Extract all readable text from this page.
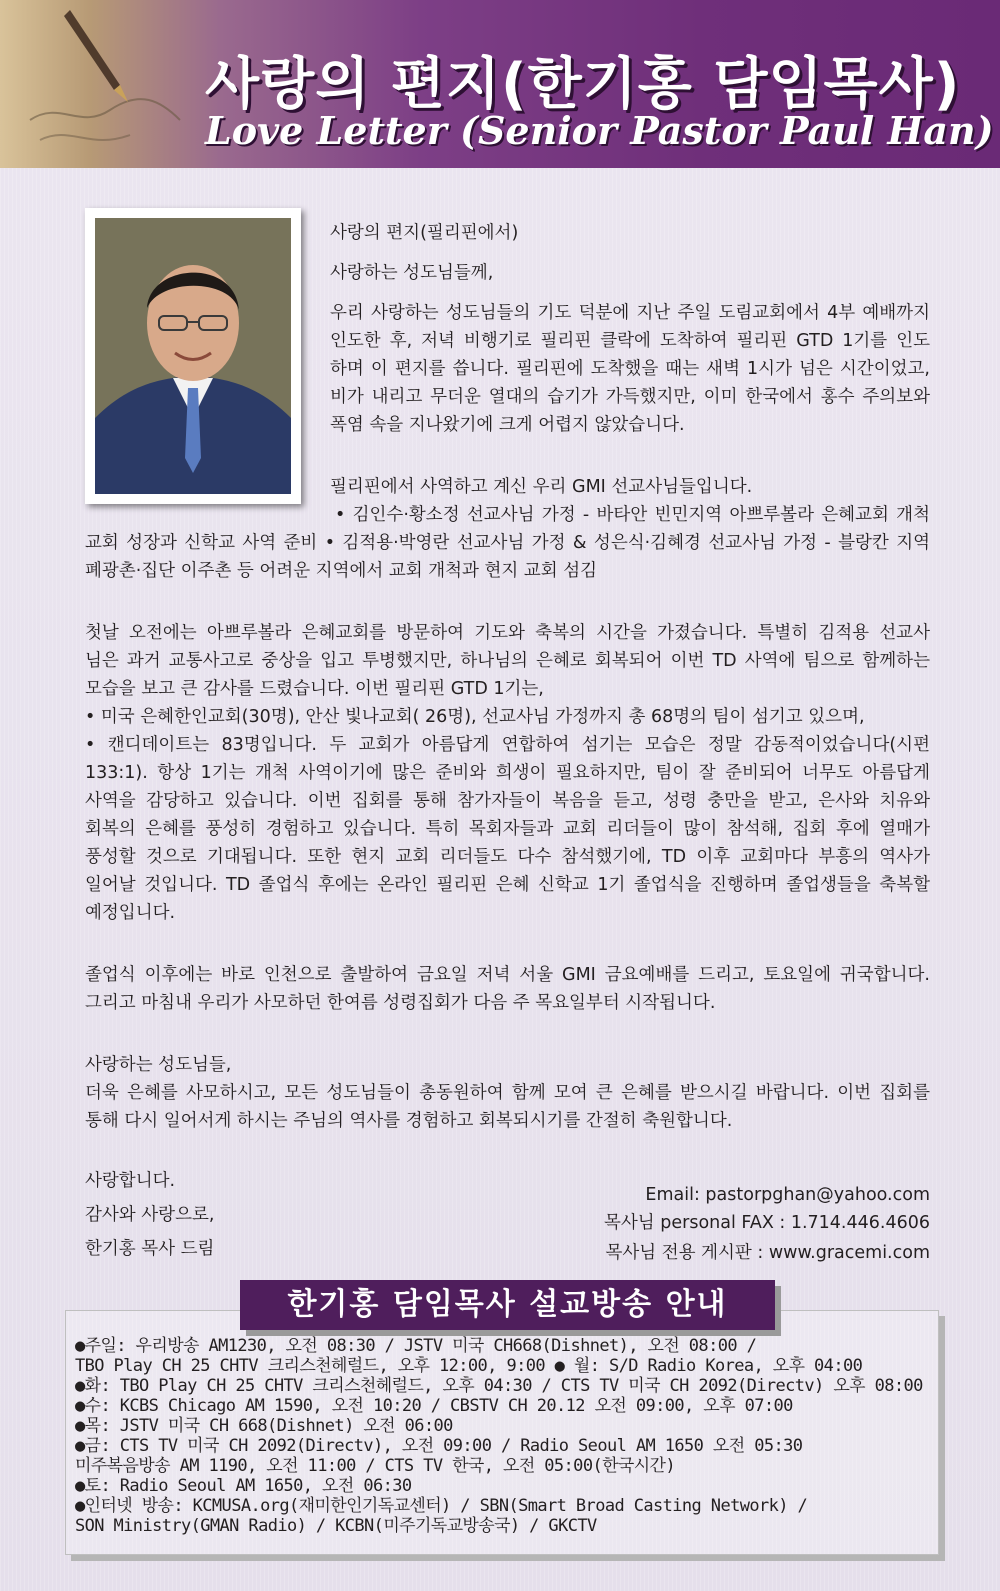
사랑의 편지(한기홍 담임목사)
Love Letter (Senior Pastor Paul Han)
사랑의 편지(필리핀에서)
사랑하는 성도님들께,
우리 사랑하는 성도님들의 기도 덕분에 지난 주일 도림교회에서 4부 예배까지
인도한 후, 저녁 비행기로 필리핀 클락에 도착하여 필리핀 GTD 1기를 인도
하며 이 편지를 씁니다. 필리핀에 도착했을 때는 새벽 1시가 넘은 시간이었고,
비가 내리고 무더운 열대의 습기가 가득했지만, 이미 한국에서 홍수 주의보와
폭염 속을 지나왔기에 크게 어렵지 않았습니다.
필리핀에서 사역하고 계신 우리 GMI 선교사님들입니다.
• 김인수·황소정 선교사님 가정 - 바타안 빈민지역 아쁘루볼라 은혜교회 개척
교회 성장과 신학교 사역 준비 • 김적용·박영란 선교사님 가정 & 성은식·김혜경 선교사님 가정 - 블랑칸 지역
폐광촌·집단 이주촌 등 어려운 지역에서 교회 개척과 현지 교회 섬김
첫날 오전에는 아쁘루볼라 은혜교회를 방문하여 기도와 축복의 시간을 가졌습니다. 특별히 김적용 선교사
님은 과거 교통사고로 중상을 입고 투병했지만, 하나님의 은혜로 회복되어 이번 TD 사역에 팀으로 함께하는
모습을 보고 큰 감사를 드렸습니다. 이번 필리핀 GTD 1기는,
• 미국 은혜한인교회(30명), 안산 빛나교회( 26명), 선교사님 가정까지 총 68명의 팀이 섬기고 있으며,
• 캔디데이트는 83명입니다. 두 교회가 아름답게 연합하여 섬기는 모습은 정말 감동적이었습니다(시편
133:1). 항상 1기는 개척 사역이기에 많은 준비와 희생이 필요하지만, 팀이 잘 준비되어 너무도 아름답게
사역을 감당하고 있습니다. 이번 집회를 통해 참가자들이 복음을 듣고, 성령 충만을 받고, 은사와 치유와
회복의 은혜를 풍성히 경험하고 있습니다. 특히 목회자들과 교회 리더들이 많이 참석해, 집회 후에 열매가
풍성할 것으로 기대됩니다. 또한 현지 교회 리더들도 다수 참석했기에, TD 이후 교회마다 부흥의 역사가
일어날 것입니다. TD 졸업식 후에는 온라인 필리핀 은혜 신학교 1기 졸업식을 진행하며 졸업생들을 축복할
예정입니다.
졸업식 이후에는 바로 인천으로 출발하여 금요일 저녁 서울 GMI 금요예배를 드리고, 토요일에 귀국합니다.
그리고 마침내 우리가 사모하던 한여름 성령집회가 다음 주 목요일부터 시작됩니다.
사랑하는 성도님들,
더욱 은혜를 사모하시고, 모든 성도님들이 총동원하여 함께 모여 큰 은혜를 받으시길 바랍니다. 이번 집회를
통해 다시 일어서게 하시는 주님의 역사를 경험하고 회복되시기를 간절히 축원합니다.
사랑합니다.
감사와 사랑으로,
한기홍 목사 드림
Email: pastorpghan@yahoo.com
목사님 personal FAX : 1.714.446.4606
목사님 전용 게시판 : www.gracemi.com
한기홍 담임목사 설교방송 안내
●주일: 우리방송 AM1230, 오전 08:30 / JSTV 미국 CH668(Dishnet), 오전 08:00 /
TBO Play CH 25 CHTV 크리스천헤럴드, 오후 12:00, 9:00 ● 월: S/D Radio Korea, 오후 04:00
●화: TBO Play CH 25 CHTV 크리스천헤럴드, 오후 04:30 / CTS TV 미국 CH 2092(Directv) 오후 08:00
●수: KCBS Chicago AM 1590, 오전 10:20 / CBSTV CH 20.12 오전 09:00, 오후 07:00
●목: JSTV 미국 CH 668(Dishnet) 오전 06:00
●금: CTS TV 미국 CH 2092(Directv), 오전 09:00 / Radio Seoul AM 1650 오전 05:30
미주복음방송 AM 1190, 오전 11:00 / CTS TV 한국, 오전 05:00(한국시간)
●토: Radio Seoul AM 1650, 오전 06:30
●인터넷 방송: KCMUSA.org(재미한인기독교센터) / SBN(Smart Broad Casting Network) /
SON Ministry(GMAN Radio) / KCBN(미주기독교방송국) / GKCTV
